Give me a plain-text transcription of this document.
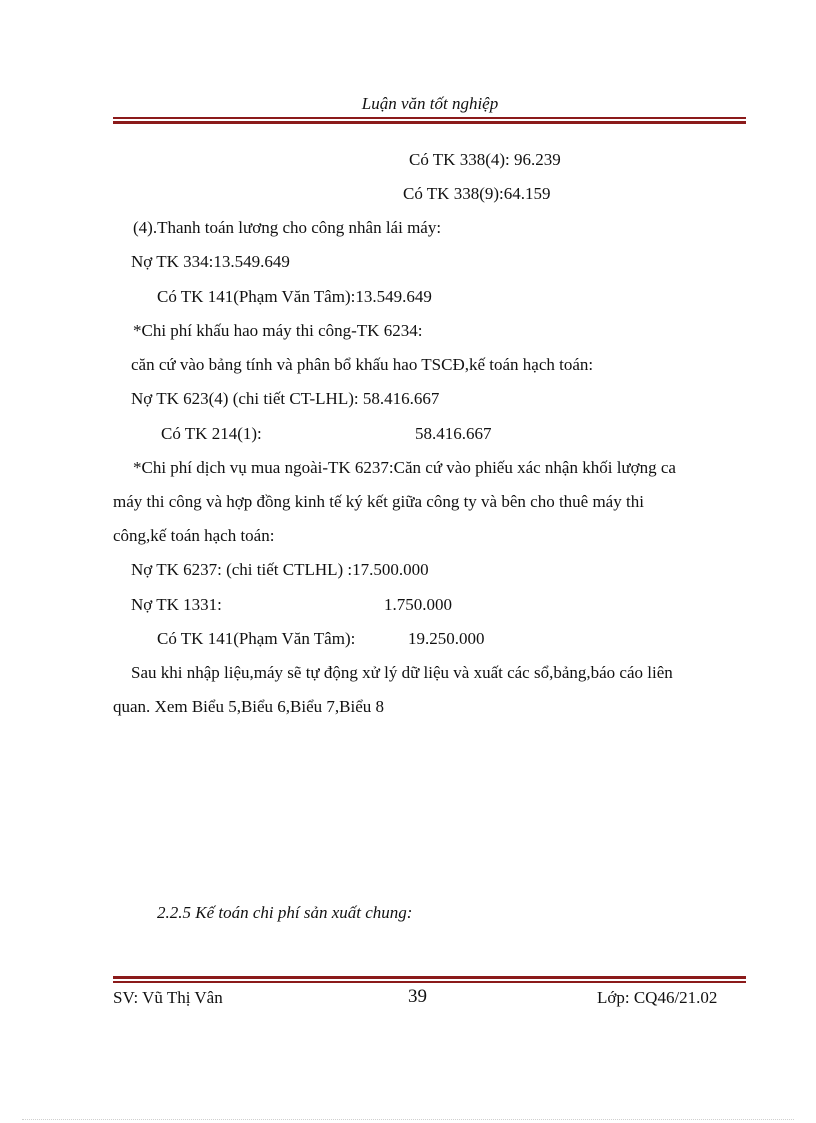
Luận văn tốt nghiệp
Có TK 338(4): 96.239
Có TK 338(9):64.159
(4).Thanh toán lương cho công nhân lái máy:
Nợ TK 334:13.549.649
Có TK 141(Phạm Văn Tâm):13.549.649
*Chi phí khấu hao máy thi công-TK 6234:
căn cứ vào bảng tính và phân bổ khấu hao TSCĐ,kế toán hạch toán:
Nợ TK 623(4) (chi tiết CT-LHL): 58.416.667
Có TK 214(1):	58.416.667
*Chi phí dịch vụ mua ngoài-TK 6237:Căn cứ vào phiếu xác nhận khối lượng ca
máy thi công và hợp đồng kinh tế ký kết giữa công ty và bên cho thuê máy thi
công,kế toán hạch toán:
Nợ TK 6237: (chi tiết CTLHL) :17.500.000
Nợ TK 1331:	1.750.000
Có TK 141(Phạm Văn Tâm):	19.250.000
Sau khi nhập liệu,máy sẽ tự động xử lý dữ liệu và xuất các sổ,bảng,báo cáo liên
quan. Xem Biểu 5,Biểu 6,Biểu 7,Biểu 8
2.2.5 Kế toán chi phí sản xuất chung:
SV: Vũ Thị Vân	39	Lớp: CQ46/21.02
